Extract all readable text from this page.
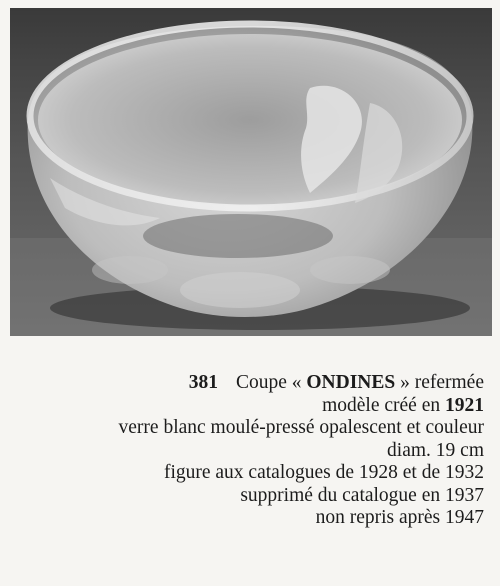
381 Coupe « ONDINES » refermée
modèle créé en 1921
verre blanc moulé-pressé opalescent et couleur
diam. 19 cm
figure aux catalogues de 1928 et de 1932
supprimé du catalogue en 1937
non repris après 1947
